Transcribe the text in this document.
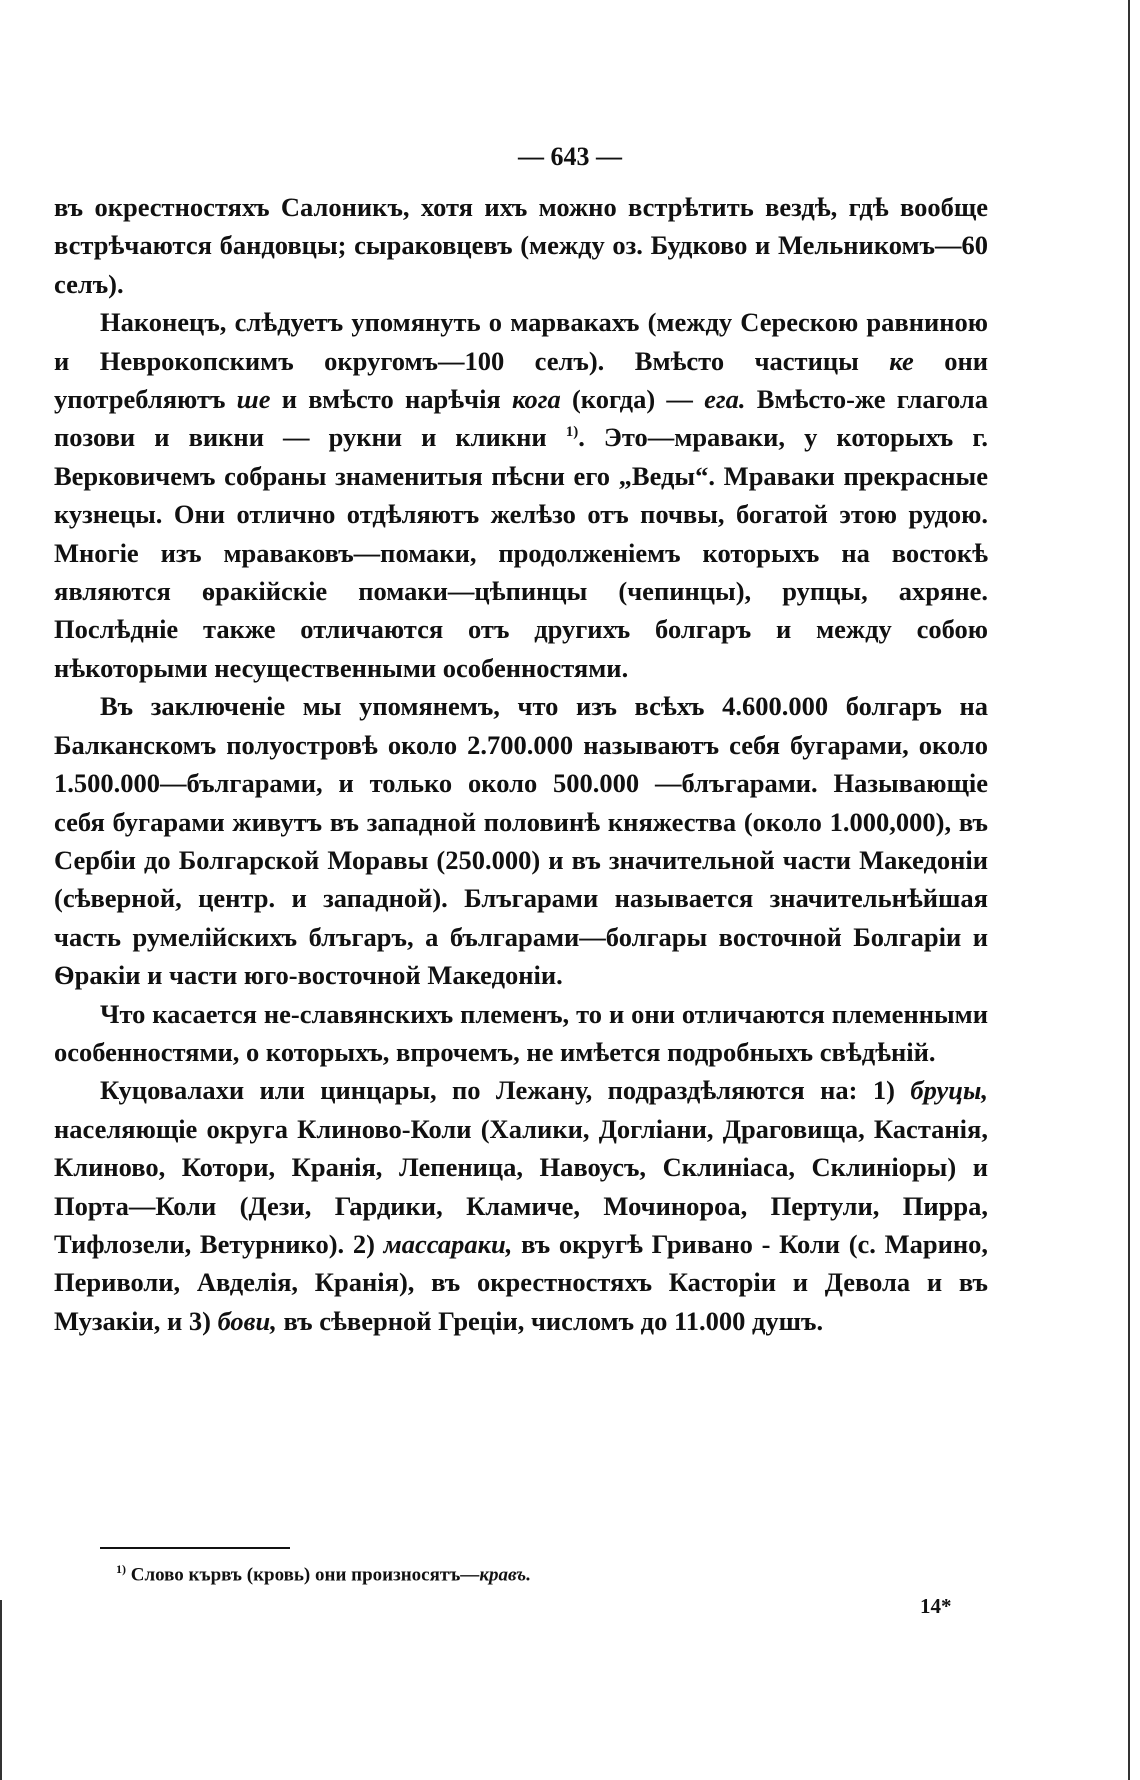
— 643 —

въ окрестностяхъ Салоникъ, хотя ихъ можно встрѣтить вездѣ, гдѣ вообще встрѣчаются бандовцы; сыраковцевъ (между оз. Будково и Мельникомъ—60 селъ).

Наконецъ, слѣдуетъ упомянуть о марвакахъ (между Сереcкою равниною и Неврокопскимъ округомъ—100 селъ). Вмѣсто частицы ке они употребляютъ ше и вмѣсто нарѣчія кога (когда) — ега. Вмѣсто-же глагола позови и викни — рукни и кликни $^{1)}$. Это—мраваки, у которыхъ г. Верковичемъ собраны знаменитыя пѣсни его „Веды“. Мраваки прекрасные кузнецы. Они отлично отдѣляютъ желѣзо отъ почвы, богатой этою рудою. Многіе изъ мраваковъ—помаки, продолженіемъ которыхъ на востокѣ являются ѳракійскіе помаки—цѣпинцы (чепинцы), рупцы, ахряне. Послѣдніе также отличаются отъ другихъ болгаръ и между собою нѣкоторыми несущественными особенностями.

Въ заключеніе мы упомянемъ, что изъ всѣхъ 4.600.000 болгаръ на Балканскомъ полуостровѣ около 2.700.000 называютъ себя бугарами, около 1.500.000—българами, и только около 500.000 —блъгарами. Называющіе себя бугарами живутъ въ западной половинѣ княжества (около 1.000,000), въ Сербіи до Болгарской Моравы (250.000) и въ значительной части Македоніи (сѣверной, центр. и западной). Блъгарами называется значительнѣйшая часть румелійскихъ блъгаръ, а българами—болгары восточной Болгаріи и Ѳракіи и части юго-восточной Македоніи.

Что касается не-славянскихъ племенъ, то и они отличаются племенными особенностями, о которыхъ, впрочемъ, не имѣется подробныхъ свѣдѣній.

Куцовалахи или цинцары, по Лежану, подраздѣляются на: 1) бруцы, населяющіе округа Клиново-Коли (Халики, Догліани, Драговища, Кастанія, Клиново, Котори, Кранія, Лепеница, Навоусъ, Склиніаса, Склиніоры) и Порта—Коли (Дези, Гардики, Кламиче, Мочинороа, Пертули, Пирра, Тифлозели, Ветурнико). 2) массараки, въ округѣ Гривано - Коли (с. Марино, Периволи, Авделія, Кранія), въ окрестностяхъ Касторіи и Девола и въ Музакіи, и 3) бови, въ сѣверной Греціи, числомъ до 11.000 душъ.

$^{1)}$ Слово кървъ (кровь) они произносятъ—кравъ.
14*
